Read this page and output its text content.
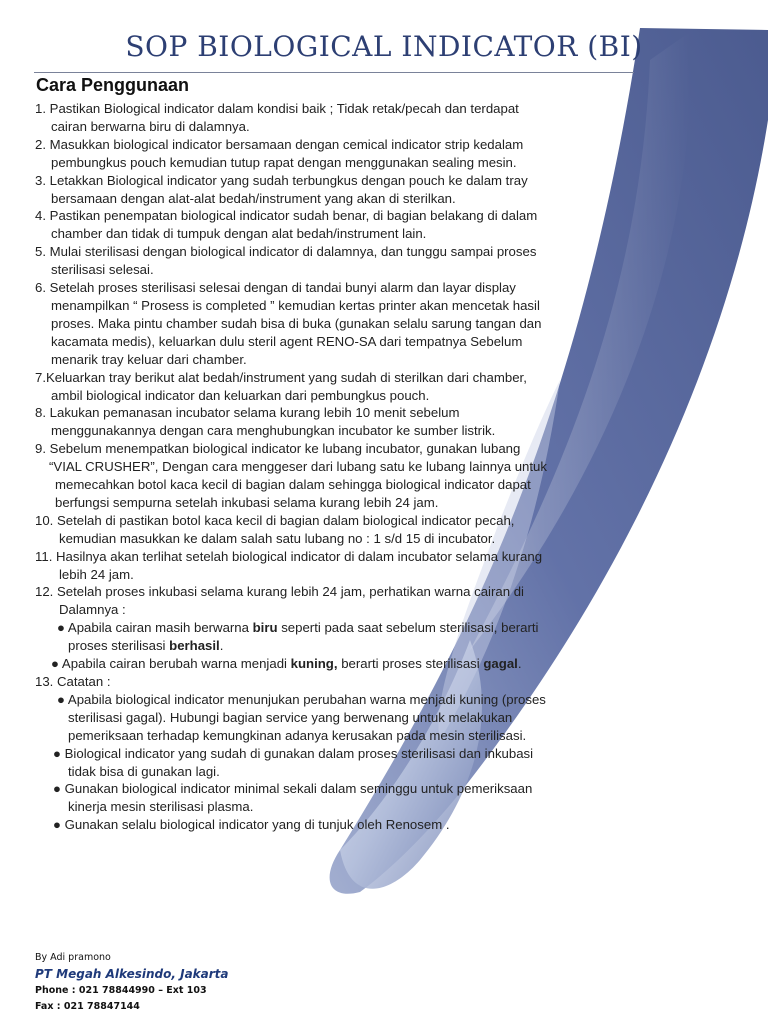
SOP BIOLOGICAL INDICATOR (BI)
Cara Penggunaan
1. Pastikan Biological indicator dalam kondisi baik ; Tidak retak/pecah dan terdapat
cairan berwarna biru di dalamnya.
2. Masukkan biological indicator bersamaan dengan cemical indicator strip kedalam
pembungkus pouch kemudian tutup rapat dengan menggunakan sealing mesin.
3. Letakkan Biological indicator yang sudah terbungkus dengan pouch ke dalam tray
bersamaan dengan alat-alat bedah/instrument yang akan di sterilkan.
4. Pastikan penempatan biological indicator sudah benar, di bagian belakang di dalam
chamber dan tidak di tumpuk dengan alat bedah/instrument lain.
5. Mulai sterilisasi dengan biological indicator di dalamnya, dan tunggu sampai proses
sterilisasi selesai.
6. Setelah proses sterilisasi selesai dengan di tandai bunyi alarm dan layar display
menampilkan “ Prosess is completed ” kemudian kertas printer akan mencetak hasil
proses. Maka pintu chamber sudah bisa di buka (gunakan selalu sarung tangan dan
kacamata medis), keluarkan dulu steril agent RENO-SA dari tempatnya Sebelum
menarik tray keluar dari chamber.
7.Keluarkan tray berikut alat bedah/instrument yang sudah di sterilkan dari chamber,
ambil biological indicator dan keluarkan dari pembungkus pouch.
8. Lakukan pemanasan incubator selama kurang lebih 10 menit sebelum
menggunakannya dengan cara menghubungkan incubator ke sumber listrik.
9. Sebelum menempatkan biological indicator ke lubang incubator, gunakan lubang
“VIAL CRUSHER”, Dengan cara menggeser dari lubang satu ke lubang lainnya untuk
memecahkan botol kaca kecil di bagian dalam sehingga biological indicator dapat
berfungsi sempurna setelah inkubasi selama kurang lebih 24 jam.
10. Setelah di pastikan botol kaca kecil di bagian dalam biological indicator pecah,
kemudian masukkan ke dalam salah satu lubang no : 1 s/d 15 di incubator.
11. Hasilnya akan terlihat setelah biological indicator di dalam incubator selama kurang
lebih 24 jam.
12. Setelah proses inkubasi selama kurang lebih 24 jam, perhatikan warna cairan di
Dalamnya :
● Apabila cairan masih berwarna biru seperti pada saat sebelum sterilisasi, berarti
proses sterilisasi berhasil.
● Apabila cairan berubah warna menjadi kuning, berarti proses sterilisasi gagal.
13. Catatan :
● Apabila biological indicator menunjukan perubahan warna menjadi kuning (proses
sterilisasi gagal). Hubungi bagian service yang berwenang untuk melakukan
pemeriksaan terhadap kemungkinan adanya kerusakan pada mesin sterilisasi.
● Biological indicator yang sudah di gunakan dalam proses sterilisasi dan inkubasi
tidak bisa di gunakan lagi.
● Gunakan biological indicator minimal sekali dalam seminggu untuk pemeriksaan
kinerja mesin sterilisasi plasma.
● Gunakan selalu biological indicator yang di tunjuk oleh Renosem .
By Adi pramono
PT Megah Alkesindo, Jakarta
Phone : 021 78844990 – Ext 103
Fax : 021 78847144
